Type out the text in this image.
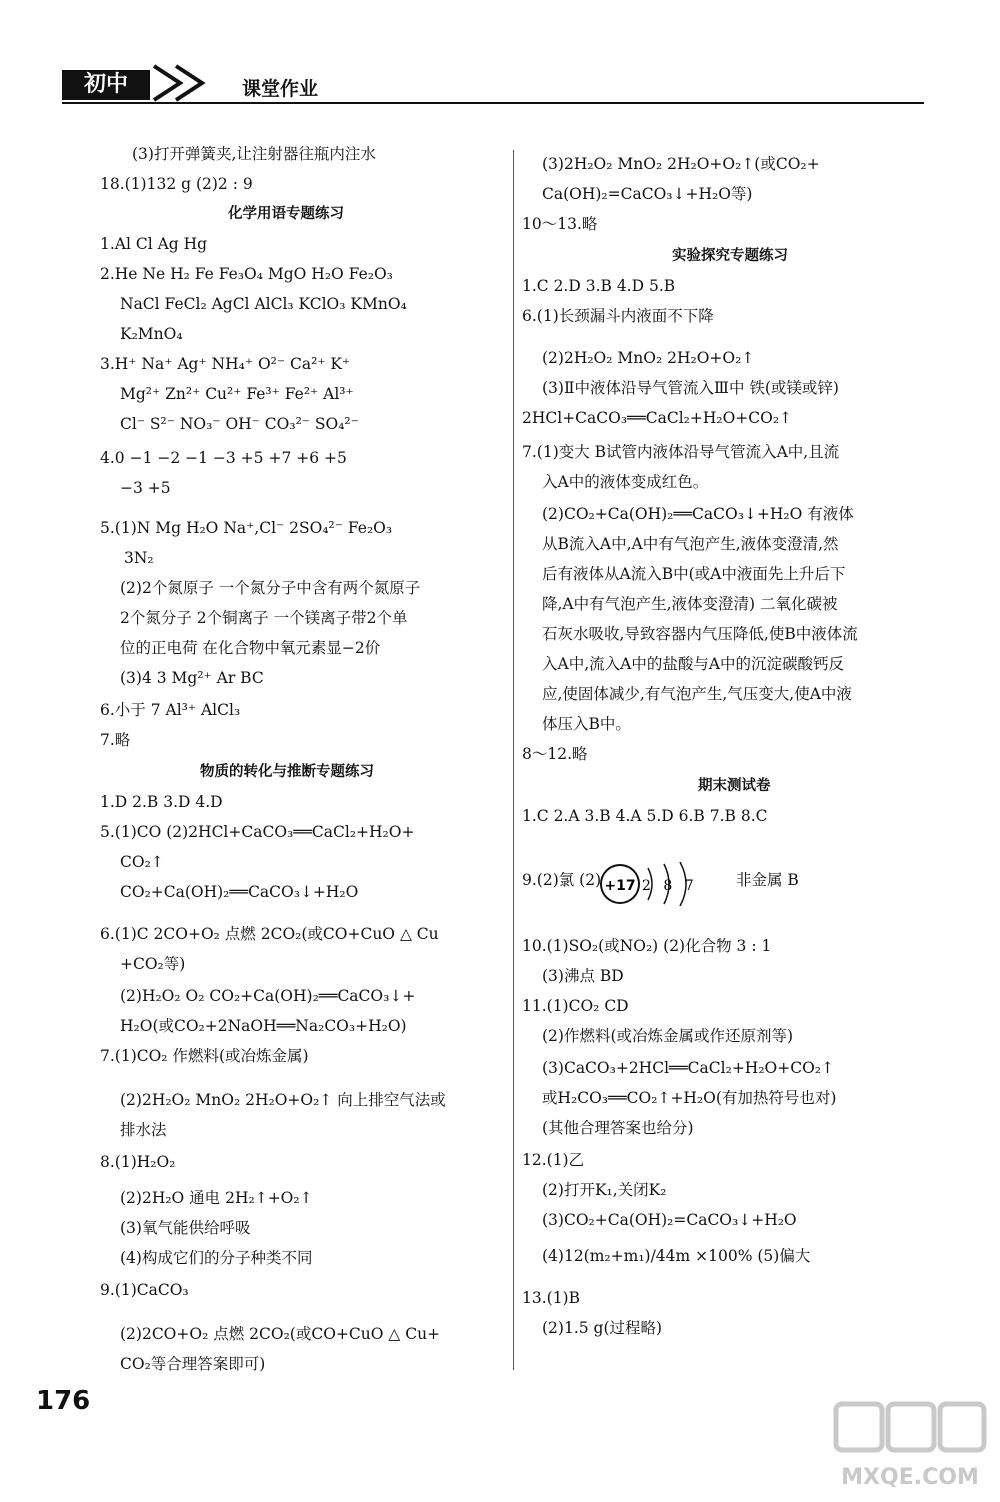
初中	课堂作业
(3)打开弹簧夹,让注射器往瓶内注水
18.(1)132 g (2)2 : 9
化学用语专题练习
1.Al Cl Ag Hg
2.He Ne H₂ Fe Fe₃O₄ MgO H₂O Fe₂O₃
NaCl FeCl₂ AgCl AlCl₃ KClO₃ KMnO₄
K₂MnO₄
3.H⁺ Na⁺ Ag⁺ NH₄⁺ O²⁻ Ca²⁺ K⁺
Mg²⁺ Zn²⁺ Cu²⁺ Fe³⁺ Fe²⁺ Al³⁺
Cl⁻ S²⁻ NO₃⁻ OH⁻ CO₃²⁻ SO₄²⁻
4.0 −1 −2 −1 −3 +5 +7 +6 +5
−3 +5
5.(1)N Mg H₂O Na⁺,Cl⁻ 2SO₄²⁻ Fe₂O₃
3N₂
(2)2个氮原子 一个氮分子中含有两个氮原子
2个氮分子 2个铜离子 一个镁离子带2个单
位的正电荷 在化合物中氧元素显−2价
(3)4 3 Mg²⁺ Ar BC
6.小于 7 Al³⁺ AlCl₃
7.略
物质的转化与推断专题练习
1.D 2.B 3.D 4.D
5.(1)CO (2)2HCl+CaCO₃══CaCl₂+H₂O+
CO₂↑
CO₂+Ca(OH)₂══CaCO₃↓+H₂O
6.(1)C 2CO+O₂ 点燃 2CO₂(或CO+CuO △ Cu
+CO₂等)
(2)H₂O₂ O₂ CO₂+Ca(OH)₂══CaCO₃↓+
H₂O(或CO₂+2NaOH══Na₂CO₃+H₂O)
7.(1)CO₂ 作燃料(或冶炼金属)
(2)2H₂O₂ MnO₂ 2H₂O+O₂↑ 向上排空气法或
排水法
8.(1)H₂O₂
(2)2H₂O 通电 2H₂↑+O₂↑
(3)氧气能供给呼吸
(4)构成它们的分子种类不同
9.(1)CaCO₃
(2)2CO+O₂ 点燃 2CO₂(或CO+CuO △ Cu+
CO₂等合理答案即可)
(3)2H₂O₂ MnO₂ 2H₂O+O₂↑(或CO₂+
Ca(OH)₂=CaCO₃↓+H₂O等)
10～13.略
实验探究专题练习
1.C 2.D 3.B 4.D 5.B
6.(1)长颈漏斗内液面不下降
(2)2H₂O₂ MnO₂ 2H₂O+O₂↑
(3)Ⅱ中液体沿导气管流入Ⅲ中 铁(或镁或锌)
2HCl+CaCO₃══CaCl₂+H₂O+CO₂↑
7.(1)变大 B试管内液体沿导气管流入A中,且流
入A中的液体变成红色。
(2)CO₂+Ca(OH)₂══CaCO₃↓+H₂O 有液体
从B流入A中,A中有气泡产生,液体变澄清,然
后有液体从A流入B中(或A中液面先上升后下
降,A中有气泡产生,液体变澄清) 二氧化碳被
石灰水吸收,导致容器内气压降低,使B中液体流
入A中,流入A中的盐酸与A中的沉淀碳酸钙反
应,使固体减少,有气泡产生,气压变大,使A中液
体压入B中。
8～12.略
期末测试卷
1.C 2.A 3.B 4.A 5.D 6.B 7.B 8.C
9.(2)氯 (2)	非金属 B
10.(1)SO₂(或NO₂) (2)化合物 3 : 1
(3)沸点 BD
11.(1)CO₂ CD
(2)作燃料(或冶炼金属或作还原剂等)
(3)CaCO₃+2HCl══CaCl₂+H₂O+CO₂↑
或H₂CO₃══CO₂↑+H₂O(有加热符号也对)
(其他合理答案也给分)
12.(1)乙
(2)打开K₁,关闭K₂
(3)CO₂+Ca(OH)₂=CaCO₃↓+H₂O
(4)12(m₂+m₁)/44m ×100% (5)偏大
13.(1)B
(2)1.5 g(过程略)
+17 2 8 7
176
MXQE.COM
